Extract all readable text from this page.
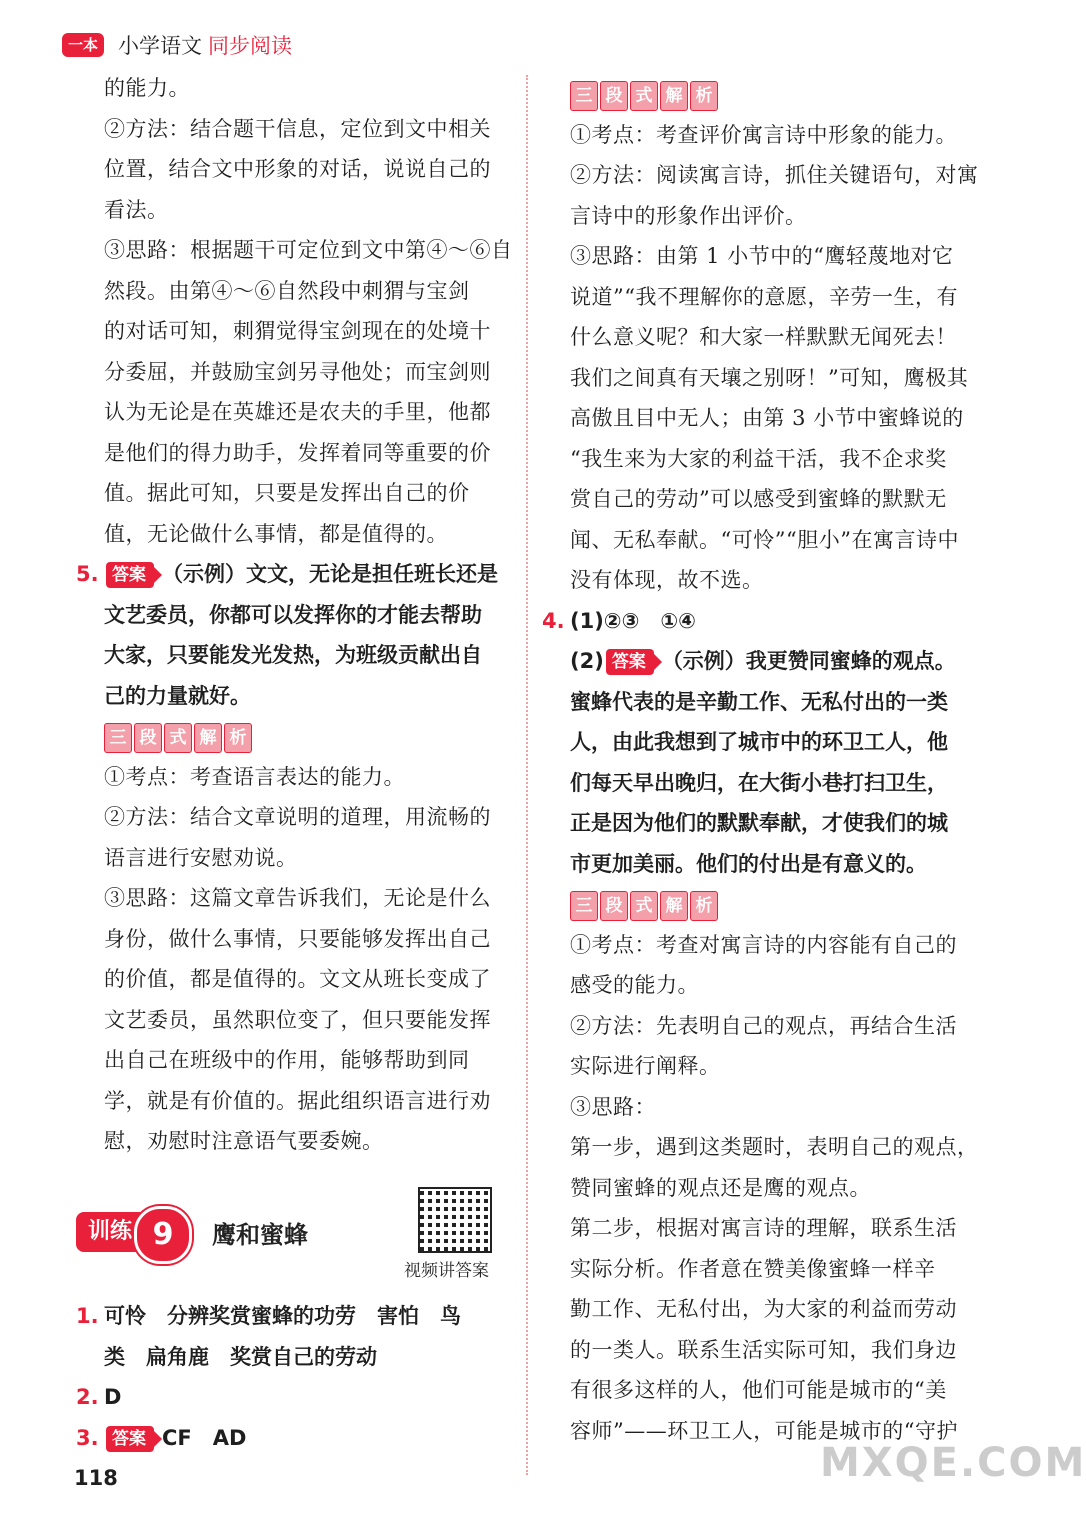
一本 小学语文 同步阅读
的能力。
②方法：结合题干信息，定位到文中相关
位置，结合文中形象的对话，说说自己的
看法。
③思路：根据题干可定位到文中第④～⑥自
然段。由第④～⑥自然段中刺猬与宝剑
的对话可知，刺猬觉得宝剑现在的处境十
分委屈，并鼓励宝剑另寻他处；而宝剑则
认为无论是在英雄还是农夫的手里，他都
是他们的得力助手，发挥着同等重要的价
值。据此可知，只要是发挥出自己的价
值，无论做什么事情，都是值得的。
5. 答案 （示例）文文，无论是担任班长还是
文艺委员，你都可以发挥你的才能去帮助
大家，只要能发光发热，为班级贡献出自
己的力量就好。
三 段 式 解 析
①考点：考查语言表达的能力。
②方法：结合文章说明的道理，用流畅的
语言进行安慰劝说。
③思路：这篇文章告诉我们，无论是什么
身份，做什么事情，只要能够发挥出自己
的价值，都是值得的。文文从班长变成了
文艺委员，虽然职位变了，但只要能发挥
出自己在班级中的作用，能够帮助到同
学，就是有价值的。据此组织语言进行劝
慰，劝慰时注意语气要委婉。
训练 9	鹰和蜜蜂
视频讲答案
1. 可怜　分辨奖赏蜜蜂的功劳　害怕　鸟
类　扁角鹿　奖赏自己的劳动
2. D
3. 答案 CF　AD
118
三 段 式 解 析
①考点：考查评价寓言诗中形象的能力。
②方法：阅读寓言诗，抓住关键语句，对寓
言诗中的形象作出评价。
③思路：由第 1 小节中的“鹰轻蔑地对它
说道”“我不理解你的意愿，辛劳一生，有
什么意义呢？和大家一样默默无闻死去！
我们之间真有天壤之别呀！”可知，鹰极其
高傲且目中无人；由第 3 小节中蜜蜂说的
“我生来为大家的利益干活，我不企求奖
赏自己的劳动”可以感受到蜜蜂的默默无
闻、无私奉献。“可怜”“胆小”在寓言诗中
没有体现，故不选。
4. (1)②③　①④
(2) 答案 （示例）我更赞同蜜蜂的观点。
蜜蜂代表的是辛勤工作、无私付出的一类
人，由此我想到了城市中的环卫工人，他
们每天早出晚归，在大街小巷打扫卫生，
正是因为他们的默默奉献，才使我们的城
市更加美丽。他们的付出是有意义的。
三 段 式 解 析
①考点：考查对寓言诗的内容能有自己的
感受的能力。
②方法：先表明自己的观点，再结合生活
实际进行阐释。
③思路：
第一步，遇到这类题时，表明自己的观点，
赞同蜜蜂的观点还是鹰的观点。
第二步，根据对寓言诗的理解，联系生活
实际分析。作者意在赞美像蜜蜂一样辛
勤工作、无私付出，为大家的利益而劳动
的一类人。联系生活实际可知，我们身边
有很多这样的人，他们可能是城市的“美
容师”——环卫工人，可能是城市的“守护
MXQE.COM
